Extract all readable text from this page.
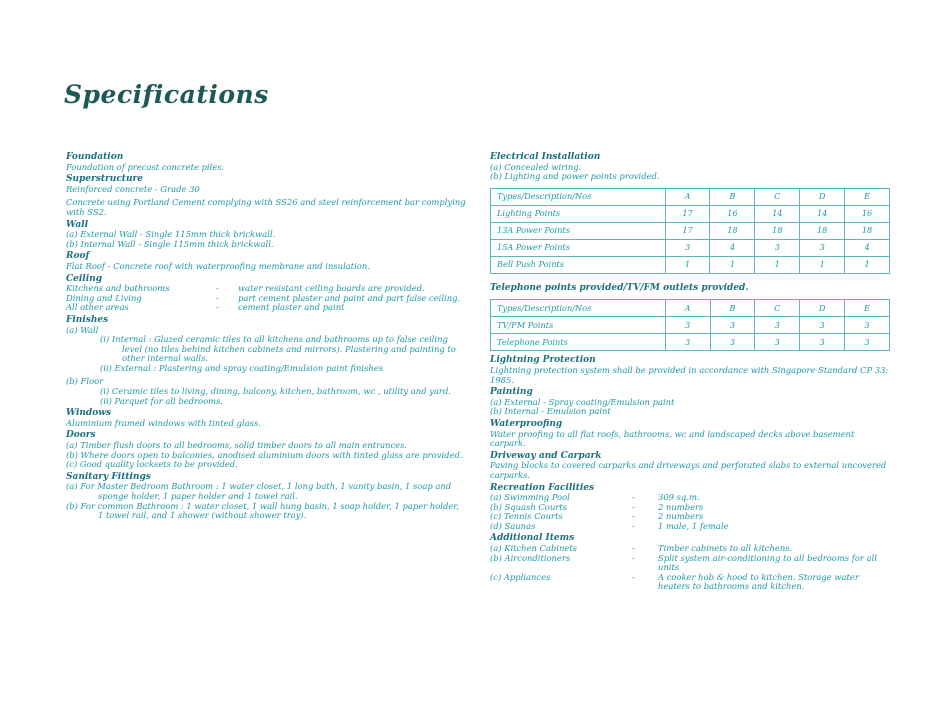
Specifications
Foundation
Foundation of precast concrete piles.
Superstructure
Reinforced concrete - Grade 30
Concrete using Portland Cement complying with SS26 and steel reinforcement bar complying with SS2.
Wall
(a) External Wall - Single 115mm thick brickwall.
(b) Internal Wall - Single 115mm thick brickwall.
Roof
Flat Roof - Concrete roof with waterproofing membrane and insulation.
Ceiling
Kitchens and bathrooms	-	water resistant ceiling boards are provided.
Dining and Living	-	part cement plaster and paint and part false ceiling.
All other areas	-	cement plaster and paint
Finishes
(a) Wall
(i) Internal : Glazed ceramic tiles to all kitchens and bathrooms up to false ceiling level (no tiles behind kitchen cabinets and mirrors). Plastering and painting to other internal walls.
(ii) External : Plastering and spray coating/Emulsion paint finishes
(b) Floor
(i) Ceramic tiles to living, dining, balcony, kitchen, bathroom, wc , utility and yard.
(ii) Parquet for all bedrooms.
Windows
Aluminium framed windows with tinted glass.
Doors
(a) Timber flush doors to all bedrooms, solid timber doors to all main entrances.
(b) Where doors open to balconies, anodised aluminium doors with tinted glass are provided.
(c) Good quality locksets to be provided.
Sanitary Fittings
(a) For Master Bedroom Bathroom : 1 water closet, 1 long bath, 1 vanity basin, 1 soap and sponge holder, 1 paper holder and 1 towel rail.
(b) For common Bathroom : 1 water closet, 1 wall hung basin, 1 soap holder, 1 paper holder, 1 towel rail, and 1 shower (without shower tray).
Electrical Installation
(a) Concealed wiring.
(b) Lighting and power points provided.
Types/Description/Nos	A	B	C	D	E
Lighting Points	17	16	14	14	16
13A Power Points	17	18	18	18	18
15A Power Points	3	4	3	3	4
Bell Push Points	1	1	1	1	1
Telephone points provided/TV/FM outlets provided.
Types/Description/Nos	A	B	C	D	E
TV/FM Points	3	3	3	3	3
Telephone Points	3	3	3	3	3
Lightning Protection
Lightning protection system shall be provided in accordance with Singapore Standard CP 33: 1985.
Painting
(a) External - Spray coating/Emulsion paint
(b) Internal - Emulsion paint
Waterproofing
Water proofing to all flat roofs, bathrooms, wc and landscaped decks above basement carpark.
Driveway and Carpark
Paving blocks to covered carparks and driveways and perforated slabs to external uncovered carparks.
Recreation Facilities
(a) Swimming Pool	-	309 sq.m.
(b) Squash Courts	-	2 numbers
(c) Tennis Courts	-	2 numbers
(d) Saunas	-	1 male, 1 female
Additional Items
(a) Kitchen Cabinets	-	Timber cabinets to all kitchens.
(b) Airconditioners	-	Split system air-conditioning to all bedrooms for all units
(c) Appliances	-	A cooker hob & hood to kitchen. Storage water heaters to bathrooms and kitchen.
